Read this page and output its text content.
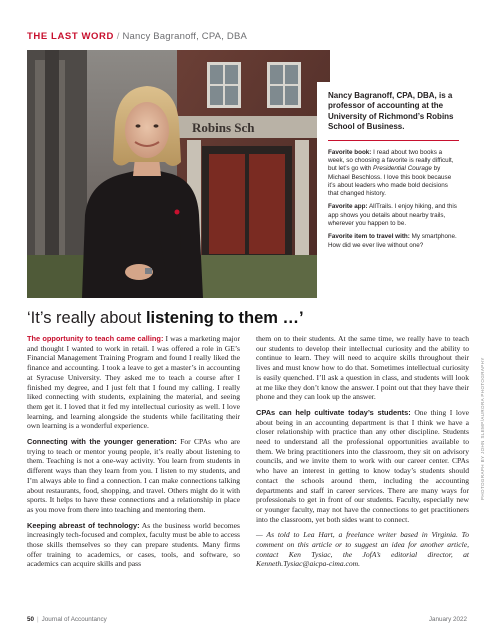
THE LAST WORD / Nancy Bagranoff, CPA, DBA
Robins Sch

Nancy Bagranoff, CPA, DBA, is a professor of accounting at the University of Richmond’s Robins School of Business.

Favorite book: I read about two books a week, so choosing a favorite is really difficult, but let’s go with Presidential Courage by Michael Beschloss. I love this book because it’s about leaders who made bold decisions that changed history.

Favorite app: AllTrails. I enjoy hiking, and this app shows you details about nearby trails, wherever you happen to be.

Favorite item to travel with: My smartphone. How did we ever live without one?

‘It’s really about listening to them …’

The opportunity to teach came calling: I was a marketing major and thought I wanted to work in retail. I was offered a role in GE’s Financial Management Training Program and found I really liked the finance and accounting. I took a leave to get a master’s in accounting at Syracuse University. They asked me to teach a course after I finished my degree, and I just felt that I found my calling. I really liked connecting with students, explaining the material, and seeing them get it. I loved that it fed my intellectual curiosity as well. I love learning, and learning alongside the students while facilitating their own learning is a wonderful experience.

Connecting with the younger generation: For CPAs who are trying to teach or mentor young people, it’s really about listening to them. Teaching is not a one-way activity. You learn from students in different ways than they learn from you. I listen to my students, and I’m always able to find a connection. I can make connections talking about restaurants, food, shopping, and travel. Others might do it with sports. It helps to have these connections and a relationship in place as you move from there into teaching and mentoring them.

Keeping abreast of technology: As the business world becomes increasingly tech-focused and complex, faculty must be able to access those skills themselves so they can prepare students. Many firms offer training to academics, or cases, tools, and software, so academics can acquire skills and pass

them on to their students. At the same time, we really have to teach our students to develop their intellectual curiosity and the ability to continue to learn. They will need to acquire skills throughout their lives and must know how to do that. Sometimes intellectual curiosity is easily quenched. I’ll ask a question in class, and students will look at me like they don’t know the answer. I point out that they have their phone and they can look up the answer.

CPAs can help cultivate today’s students: One thing I love about being in an accounting department is that I think we have a closer relationship with practice than any other discipline. Students need to understand all the professional opportunities available to them. We bring practitioners into the classroom, they sit on advisory councils, and we invite them to work with our career center. CPAs who have an interest in getting to know today’s students should contact the schools around them, including the accounting departments and staff in career services. There are many ways for professionals to get in front of our students. Faculty, especially new or younger faculty, may not have the connections to get practitioners into the classroom, yet both sides want to connect.

— As told to Lea Hart, a freelance writer based in Virginia. To comment on this article or to suggest an idea for another article, contact Ken Tysiac, the JofA’s editorial director, at Kenneth.Tysiac@aicpa-cima.com.

PHOTOGRAPH BY JOHN SLEMP/AURORA PHOTOGRAPHY
50 | Journal of Accountancy	January 2022
